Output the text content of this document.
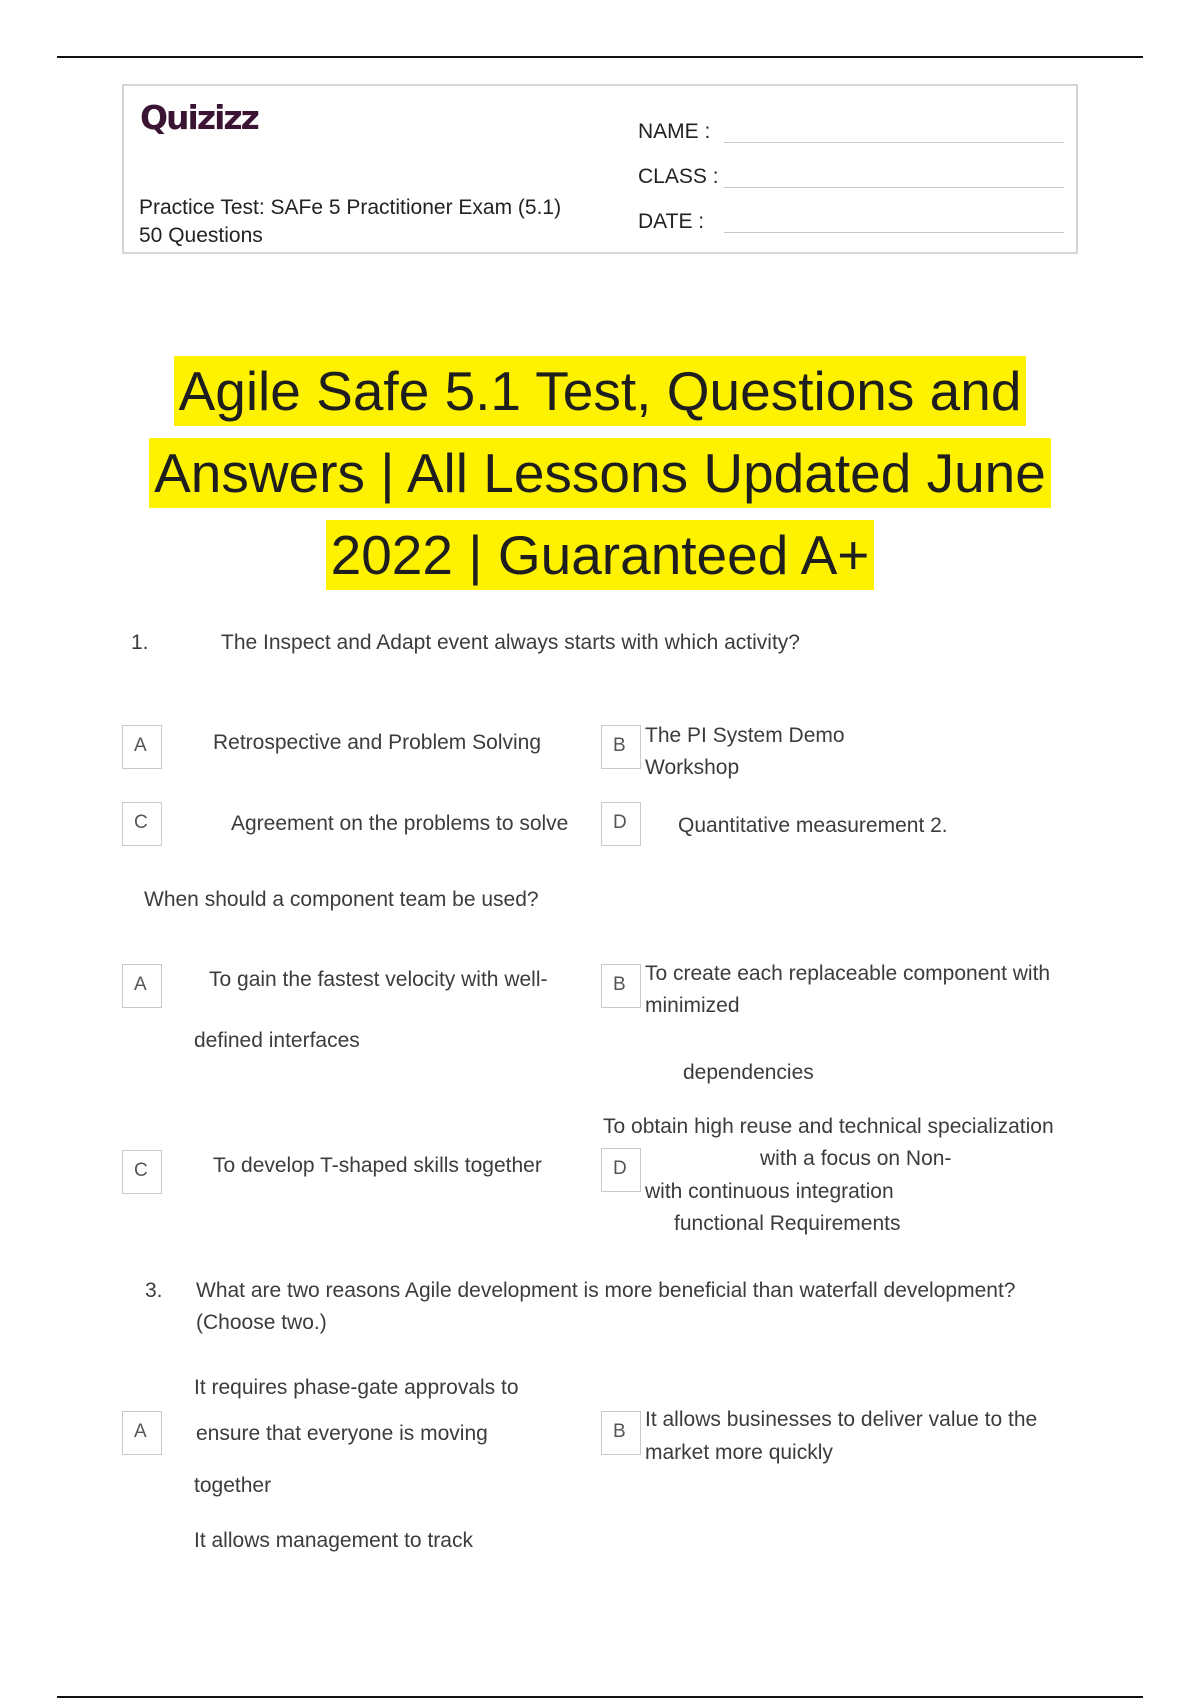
Quizizz
Practice Test: SAFe 5 Practitioner Exam (5.1)
50 Questions
NAME :
CLASS :
DATE :
Agile Safe 5.1 Test, Questions and
Answers | All Lessons Updated June
2022 | Guaranteed A+
1.	The Inspect and Adapt event always starts with which activity?
A	Retrospective and Problem Solving	B The PI System Demo
Workshop
C	Agreement on the problems to solve	D	Quantitative measurement 2.
When should a component team be used?
A	To gain the fastest velocity with well-
defined interfaces
B To create each replaceable component with
minimized
dependencies
C	To develop T-shaped skills together
To obtain high reuse and technical specialization
D	with a focus on Non-
with continuous integration
functional Requirements
3. What are two reasons Agile development is more beneficial than waterfall development?
(Choose two.)
It requires phase-gate approvals to
A	ensure that everyone is moving
together
B
It allows businesses to deliver value to the
market more quickly
It allows management to track
